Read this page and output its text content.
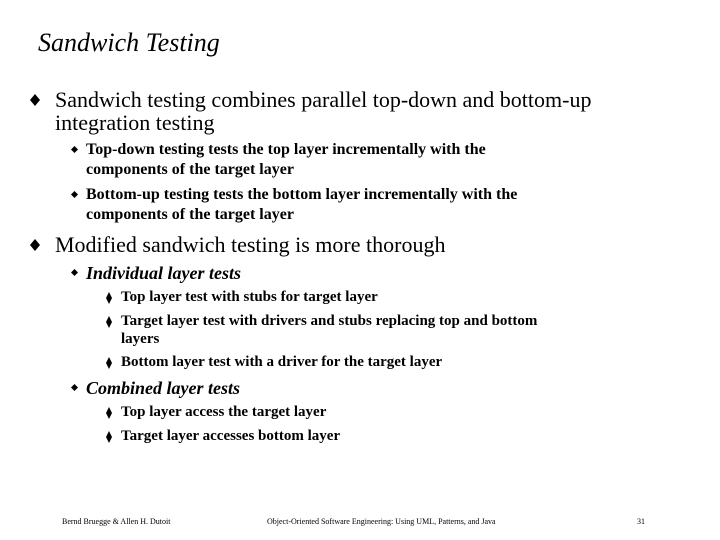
Sandwich Testing
Sandwich testing combines parallel top-down and bottom-up
integration testing
Top-down testing tests the top layer incrementally with the
components of the target layer
Bottom-up testing tests the bottom layer incrementally with the
components of the target layer
Modified sandwich testing is more thorough
Individual layer tests
Top layer test with stubs for target layer
Target layer test with drivers and stubs replacing top and bottom
layers
Bottom layer test with a driver for the target layer
Combined layer tests
Top layer access the target layer
Target layer accesses bottom layer
Bernd Bruegge & Allen H. Dutoit	Object-Oriented Software Engineering: Using UML, Patterns, and Java	31
